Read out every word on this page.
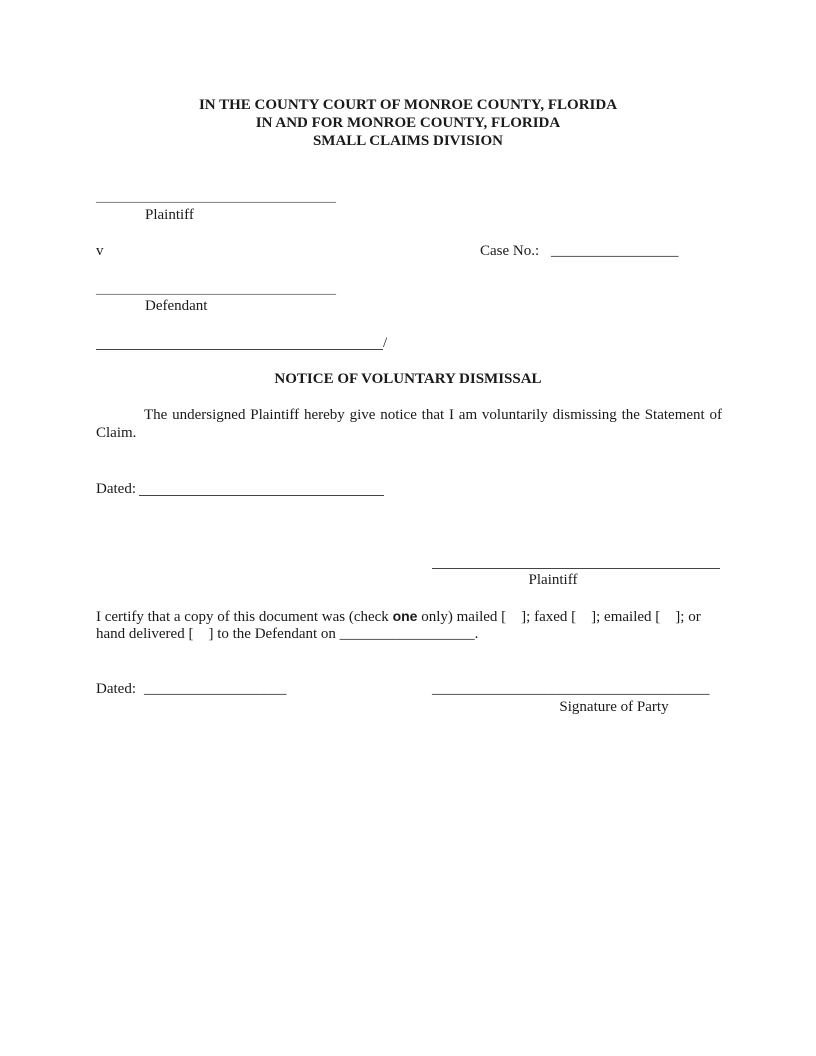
IN THE COUNTY COURT OF MONROE COUNTY, FLORIDA
IN AND FOR MONROE COUNTY, FLORIDA
SMALL CLAIMS DIVISION
________________________________
Plaintiff
v	Case No.: _________________
________________________________
Defendant
/
NOTICE OF VOLUNTARY DISMISSAL
The undersigned Plaintiff hereby give notice that I am voluntarily dismissing the Statement of Claim.
Dated:
Plaintiff
I certify that a copy of this document was (check one only) mailed [    ]; faxed [    ]; emailed [    ]; or
hand delivered [    ] to the Defendant on __________________.
Dated: ___________________	_____________________________________
Signature of Party
